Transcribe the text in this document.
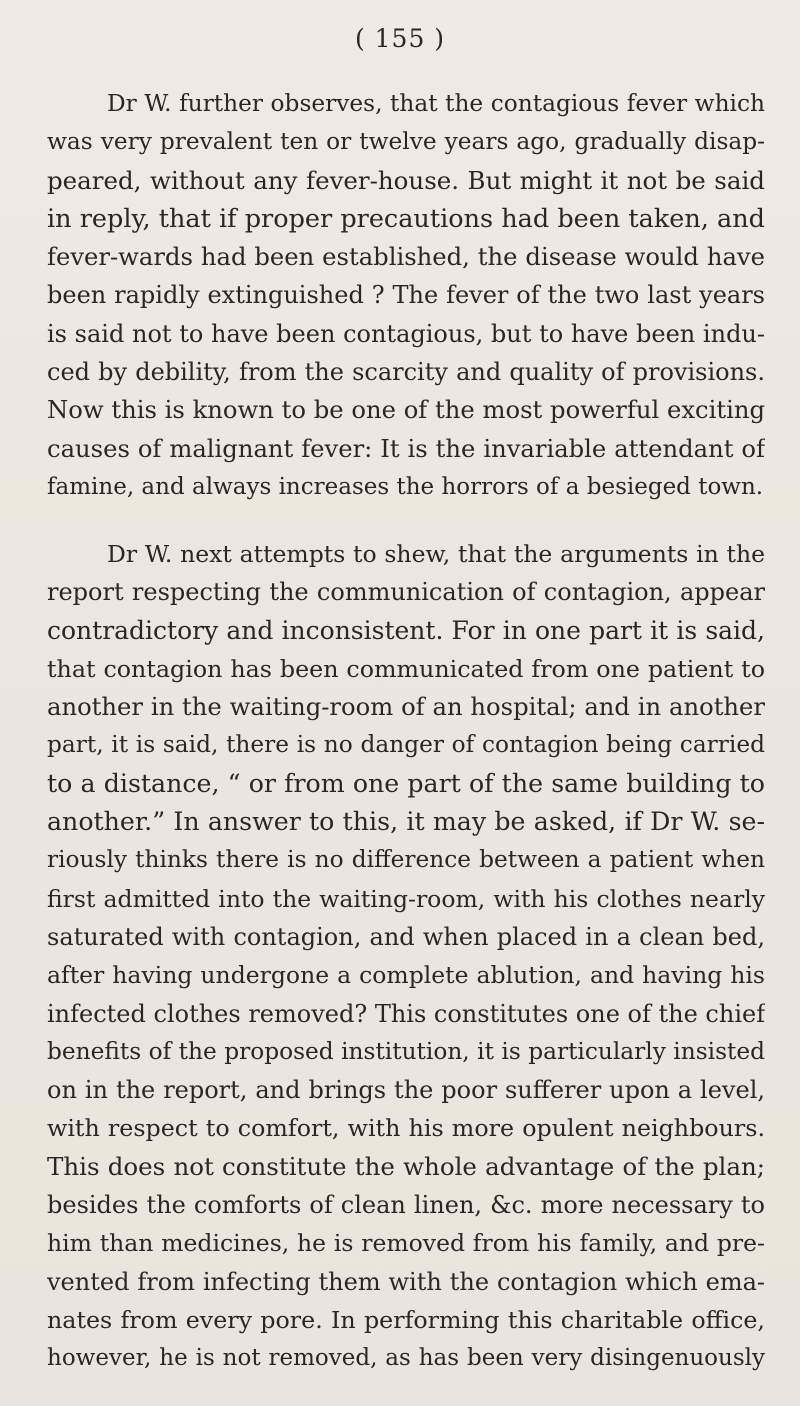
( 155 )
Dr W. further observes, that the contagious fever which
was very prevalent ten or twelve years ago, gradually disap-
peared, without any fever-house. But might it not be said
in reply, that if proper precautions had been taken, and
fever-wards had been established, the disease would have
been rapidly extinguished ? The fever of the two last years
is said not to have been contagious, but to have been indu-
ced by debility, from the scarcity and quality of provisions.
Now this is known to be one of the most powerful exciting
causes of malignant fever: It is the invariable attendant of
famine, and always increases the horrors of a besieged town.
Dr W. next attempts to shew, that the arguments in the
report respecting the communication of contagion, appear
contradictory and inconsistent. For in one part it is said,
that contagion has been communicated from one patient to
another in the waiting-room of an hospital; and in another
part, it is said, there is no danger of contagion being carried
to a distance, “ or from one part of the same building to
another.” In answer to this, it may be asked, if Dr W. se-
riously thinks there is no difference between a patient when
first admitted into the waiting-room, with his clothes nearly
saturated with contagion, and when placed in a clean bed,
after having undergone a complete ablution, and having his
infected clothes removed? This constitutes one of the chief
benefits of the proposed institution, it is particularly insisted
on in the report, and brings the poor sufferer upon a level,
with respect to comfort, with his more opulent neighbours.
This does not constitute the whole advantage of the plan;
besides the comforts of clean linen, &c. more necessary to
him than medicines, he is removed from his family, and pre-
vented from infecting them with the contagion which ema-
nates from every pore. In performing this charitable office,
however, he is not removed, as has been very disingenuously
